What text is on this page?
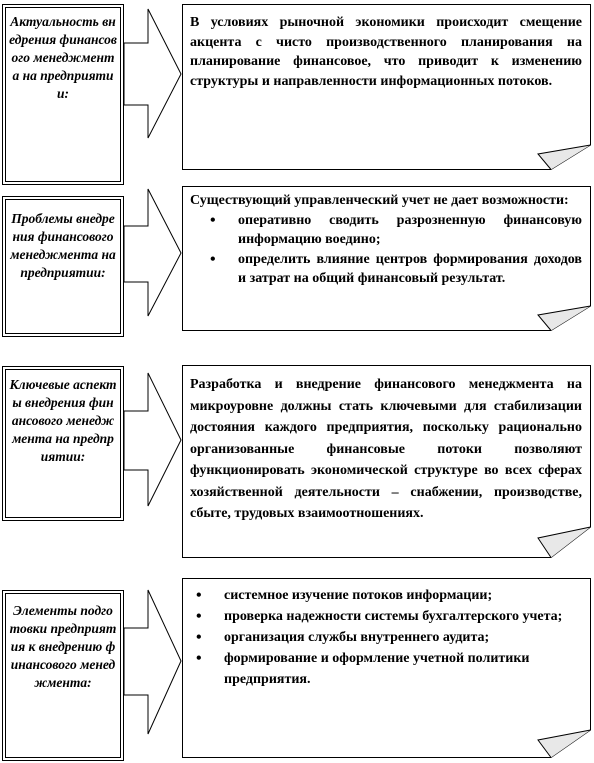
Актуальность внедрения финансового менеджмента на предприятии:

В условиях рыночной экономики происходит смещение акцента с чисто производственного планирования на планирование финансовое, что приводит к изменению структуры и направленности информационных потоков.

Проблемы внедрения финансового менеджмента на предприятии:

Существующий управленческий учет не дает возможности:

• оперативно сводить разрозненную финансовую информацию воедино;
• определить влияние центров формирования доходов и затрат на общий финансовый результат.
Ключевые аспекты внедрения финансового менеджмента на предприятии:

Разработка и внедрение финансового менеджмента на микроуровне должны стать ключевыми для стабилизации достояния каждого предприятия, поскольку рационально организованные финансовые потоки позволяют функционировать экономической структуре во всех сферах хозяйственной деятельности – снабжении, производстве, сбыте, трудовых взаимоотношениях.

Элементы подготовки предприятия к внедрению финансового менеджмента:
• системное изучение потоков информации;
• проверка надежности системы бухгалтерского учета;
• организация службы внутреннего аудита;
• формирование и оформление учетной политики предприятия.
